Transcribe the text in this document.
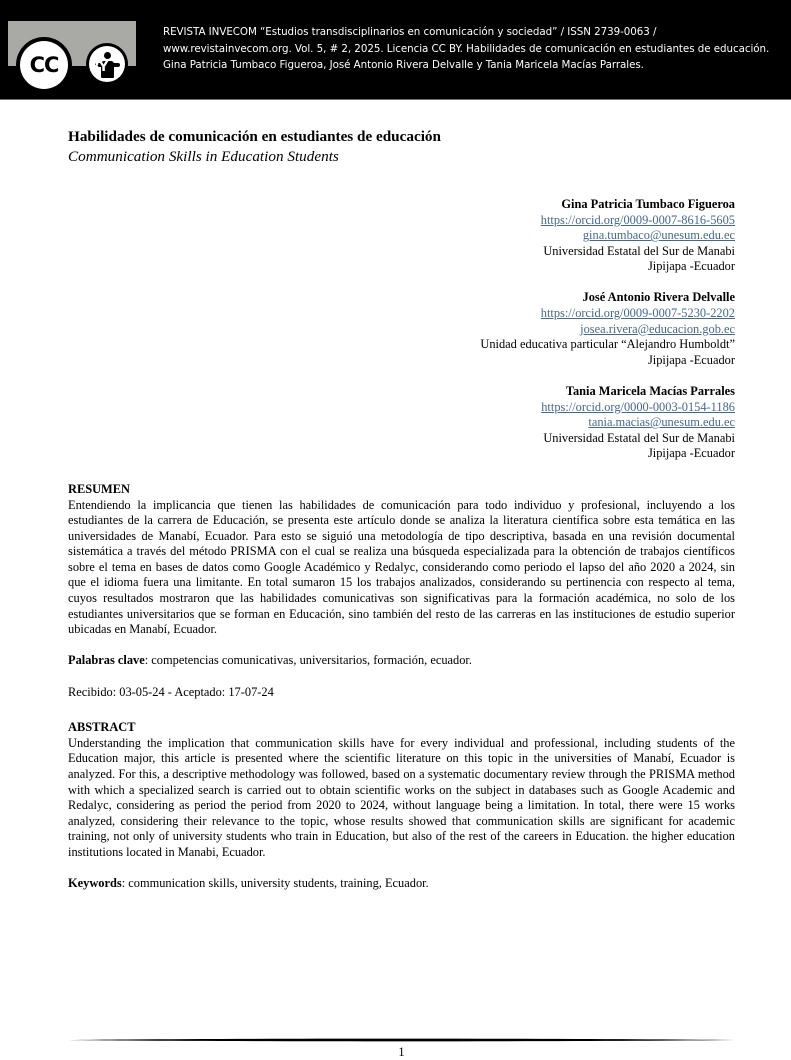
CC	BY
REVISTA INVECOM “Estudios transdisciplinarios en comunicación y sociedad” / ISSN 2739-0063 / www.revistainvecom.org. Vol. 5, # 2, 2025. Licencia CC BY. Habilidades de comunicación en estudiantes de educación. Gina Patricia Tumbaco Figueroa, José Antonio Rivera Delvalle y Tania Maricela Macías Parrales.
Habilidades de comunicación en estudiantes de educación
Communication Skills in Education Students
Gina Patricia Tumbaco Figueroa
https://orcid.org/0009-0007-8616-5605
gina.tumbaco@unesum.edu.ec
Universidad Estatal del Sur de Manabi
Jipijapa -Ecuador
José Antonio Rivera Delvalle
https://orcid.org/0009-0007-5230-2202
josea.rivera@educacion.gob.ec
Unidad educativa particular “Alejandro Humboldt”
Jipijapa -Ecuador
Tania Maricela Macías Parrales
https://orcid.org/0000-0003-0154-1186
tania.macias@unesum.edu.ec
Universidad Estatal del Sur de Manabi
Jipijapa -Ecuador
RESUMEN

Entendiendo la implicancia que tienen las habilidades de comunicación para todo individuo y profesional, incluyendo a los estudiantes de la carrera de Educación, se presenta este artículo donde se analiza la literatura científica sobre esta temática en las universidades de Manabí, Ecuador. Para esto se siguió una metodología de tipo descriptiva, basada en una revisión documental sistemática a través del método PRISMA con el cual se realiza una búsqueda especializada para la obtención de trabajos científicos sobre el tema en bases de datos como Google Académico y Redalyc, considerando como periodo el lapso del año 2020 a 2024, sin que el idioma fuera una limitante. En total sumaron 15 los trabajos analizados, considerando su pertinencia con respecto al tema, cuyos resultados mostraron que las habilidades comunicativas son significativas para la formación académica, no solo de los estudiantes universitarios que se forman en Educación, sino también del resto de las carreras en las instituciones de estudio superior ubicadas en Manabí, Ecuador.

Palabras clave: competencias comunicativas, universitarios, formación, ecuador.

Recibido: 03-05-24 - Aceptado: 17-07-24

ABSTRACT

Understanding the implication that communication skills have for every individual and professional, including students of the Education major, this article is presented where the scientific literature on this topic in the universities of Manabí, Ecuador is analyzed. For this, a descriptive methodology was followed, based on a systematic documentary review through the PRISMA method with which a specialized search is carried out to obtain scientific works on the subject in databases such as Google Academic and Redalyc, considering as period the period from 2020 to 2024, without language being a limitation. In total, there were 15 works analyzed, considering their relevance to the topic, whose results showed that communication skills are significant for academic training, not only of university students who train in Education, but also of the rest of the careers in Education. the higher education institutions located in Manabi, Ecuador.

Keywords: communication skills, university students, training, Ecuador.

1
